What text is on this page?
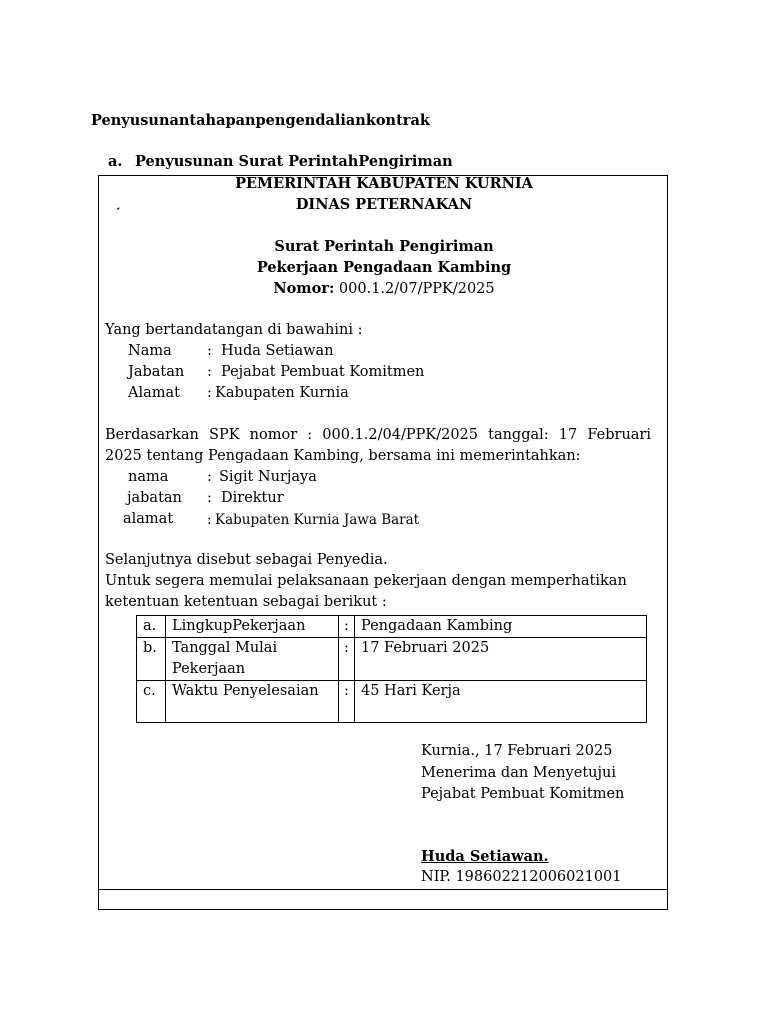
Penyusunantahapanpengendaliankontrak
a. Penyusunan Surat PerintahPengiriman
PEMERINTAH KABUPATEN KURNIA
ˏ	DINAS PETERNAKAN
Surat Perintah Pengiriman
Pekerjaan Pengadaan Kambing
Nomor: 000.1.2/07/PPK/2025
Yang bertandatangan di bawahini :
Nama : Huda Setiawan
Jabatan : Pejabat Pembuat Komitmen
Alamat : Kabupaten Kurnia
Berdasarkan SPK nomor : 000.1.2/04/PPK/2025 tanggal: 17 Februari
2025 tentang Pengadaan Kambing, bersama ini memerintahkan:
nama	: Sigit Nurjaya
jabatan : Direktur
alamat	: Kabupaten Kurnia Jawa Barat
Selanjutnya disebut sebagai Penyedia.
Untuk segera memulai pelaksanaan pekerjaan dengan memperhatikan
ketentuan ketentuan sebagai berikut :
a.	LingkupPekerjaan	:	Pengadaan Kambing
b.	Tanggal Mulai Pekerjaan	:	17 Februari 2025
c.	Waktu Penyelesaian	:	45 Hari Kerja
Kurnia., 17 Februari 2025
Menerima dan Menyetujui
Pejabat Pembuat Komitmen
Huda Setiawan.
NIP. 198602212006021001
